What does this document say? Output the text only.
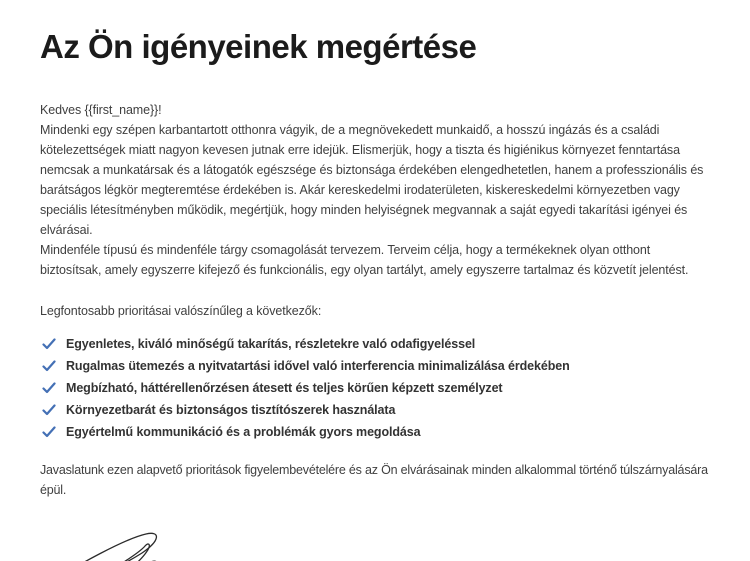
Az Ön igényeinek megértése
Kedves {{first_name}}!
Mindenki egy szépen karbantartott otthonra vágyik, de a megnövekedett munkaidő, a hosszú ingázás és a családi kötelezettségek miatt nagyon kevesen jutnak erre idejük. Elismerjük, hogy a tiszta és higiénikus környezet fenntartása nemcsak a munkatársak és a látogatók egészsége és biztonsága érdekében elengedhetetlen, hanem a professzionális és barátságos légkör megteremtése érdekében is. Akár kereskedelmi irodaterületen, kiskereskedelmi környezetben vagy speciális létesítményben működik, megértjük, hogy minden helyiségnek megvannak a saját egyedi takarítási igényei és elvárásai.
Mindenféle típusú és mindenféle tárgy csomagolását tervezem. Terveim célja, hogy a termékeknek olyan otthont biztosítsak, amely egyszerre kifejező és funkcionális, egy olyan tartályt, amely egyszerre tartalmaz és közvetít jelentést.
Legfontosabb prioritásai valószínűleg a következők:
Egyenletes, kiváló minőségű takarítás, részletekre való odafigyeléssel
Rugalmas ütemezés a nyitvatartási idővel való interferencia minimalizálása érdekében
Megbízható, háttérellenőrzésen átesett és teljes körűen képzett személyzet
Környezetbarát és biztonságos tisztítószerek használata
Egyértelmű kommunikáció és a problémák gyors megoldása
Javaslatunk ezen alapvető prioritások figyelembevételére és az Ön elvárásainak minden alkalommal történő túlszárnyalására épül.
